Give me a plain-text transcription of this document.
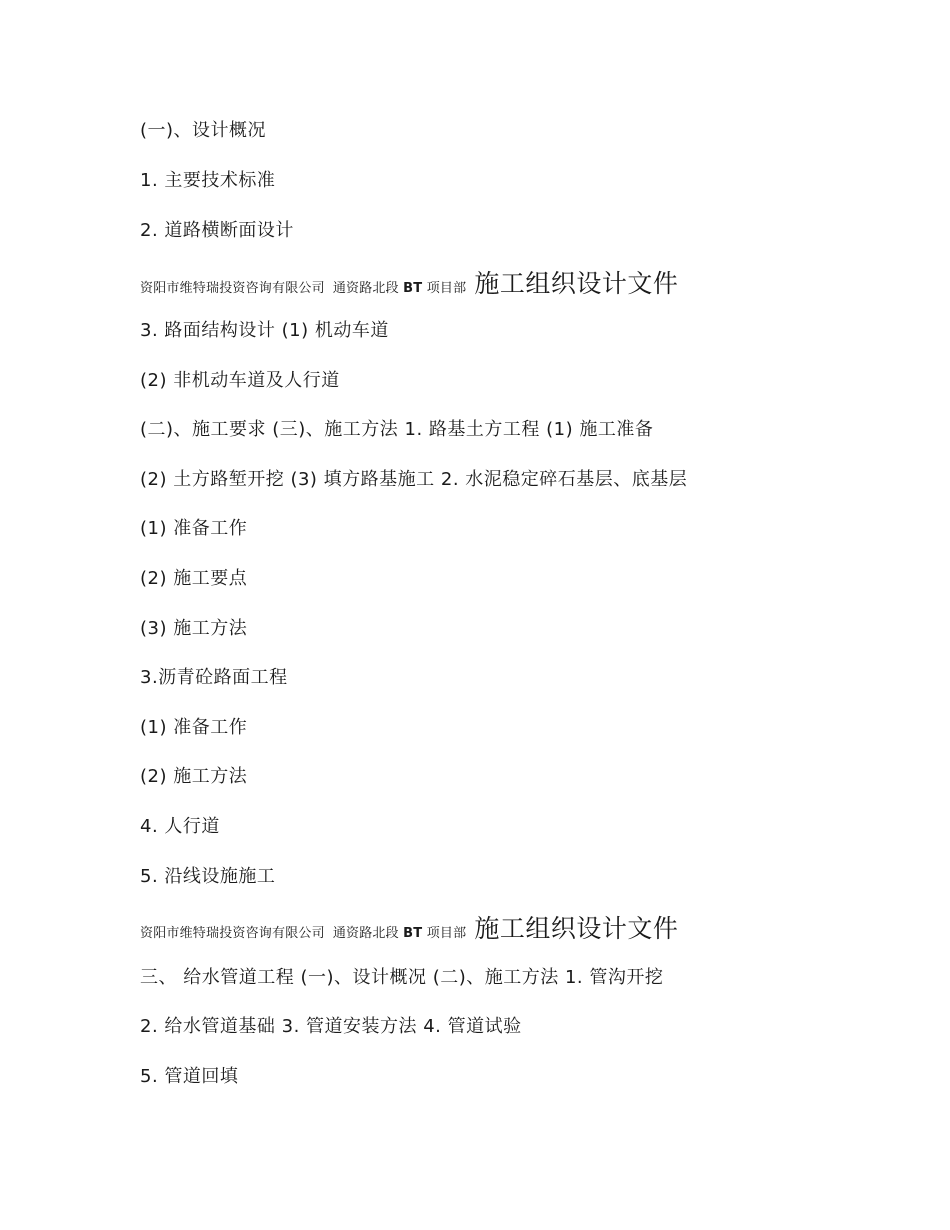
(一)、设计概况
1. 主要技术标准
2. 道路横断面设计
资阳市维特瑞投资咨询有限公司 通资路北段 BT 项目部 施工组织设计文件
3. 路面结构设计 (1) 机动车道
(2) 非机动车道及人行道
(二)、施工要求 (三)、施工方法 1. 路基土方工程 (1) 施工准备
(2) 土方路堑开挖 (3) 填方路基施工 2. 水泥稳定碎石基层、底基层
(1) 准备工作
(2) 施工要点
(3) 施工方法
3.沥青砼路面工程
(1) 准备工作
(2) 施工方法
4. 人行道
5. 沿线设施施工
资阳市维特瑞投资咨询有限公司 通资路北段 BT 项目部 施工组织设计文件
三、 给水管道工程 (一)、设计概况 (二)、施工方法 1. 管沟开挖
2. 给水管道基础 3. 管道安装方法 4. 管道试验
5. 管道回填
